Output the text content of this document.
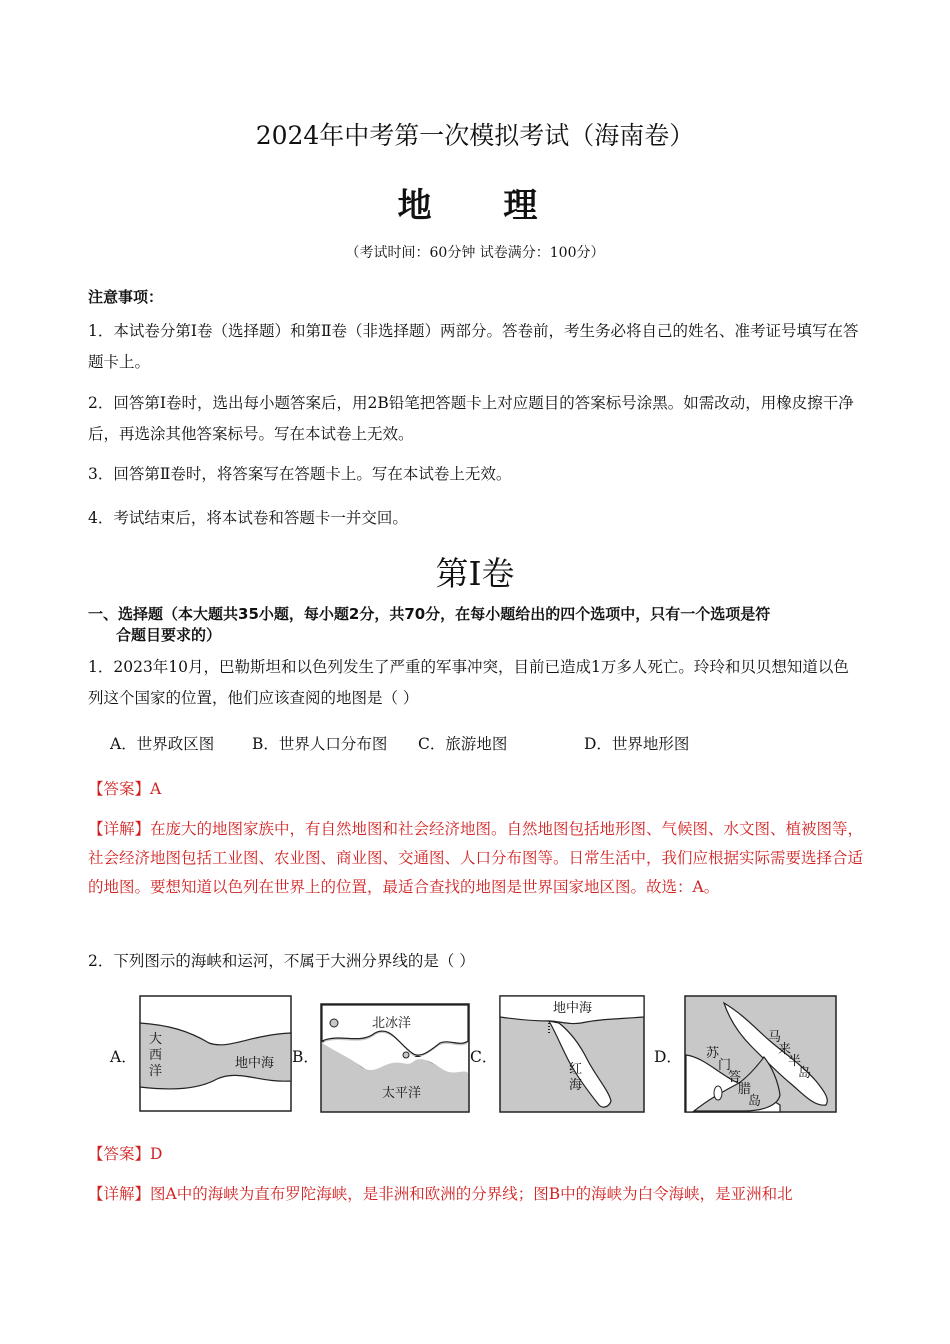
2024年中考第一次模拟考试（海南卷）
地 理
（考试时间：60分钟 试卷满分：100分）
注意事项：
1．本试卷分第Ⅰ卷（选择题）和第Ⅱ卷（非选择题）两部分。答卷前，考生务必将自己的姓名、准考证号填写在答题卡上。
2．回答第Ⅰ卷时，选出每小题答案后，用2B铅笔把答题卡上对应题目的答案标号涂黑。如需改动，用橡皮擦干净后，再选涂其他答案标号。写在本试卷上无效。
3．回答第Ⅱ卷时，将答案写在答题卡上。写在本试卷上无效。
4．考试结束后，将本试卷和答题卡一并交回。
第Ⅰ卷
一、选择题（本大题共35小题，每小题2分，共70分，在每小题给出的四个选项中，只有一个选项是符
合题目要求的）
1．2023年10月，巴勒斯坦和以色列发生了严重的军事冲突，目前已造成1万多人死亡。玲玲和贝贝想知道以色列这个国家的位置，他们应该查阅的地图是（ ）
A．世界政区图 B．世界人口分布图 C．旅游地图	D．世界地形图
【答案】A
【详解】在庞大的地图家族中，有自然地图和社会经济地图。自然地图包括地形图、气候图、水文图、植被图等，社会经济地图包括工业图、农业图、商业图、交通图、人口分布图等。日常生活中，我们应根据实际需要选择合适的地图。要想知道以色列在世界上的位置，最适合查找的地图是世界国家地区图。故选：A。
2．下列图示的海峡和运河，不属于大洲分界线的是（ ）
A．
大
西
洋
地中海 B．
北冰洋
太平洋
C．
地中海
红
海
D． 苏
门
答
腊
岛
马
来
半
岛
【答案】D
【详解】图A中的海峡为直布罗陀海峡，是非洲和欧洲的分界线；图B中的海峡为白令海峡，是亚洲和北
